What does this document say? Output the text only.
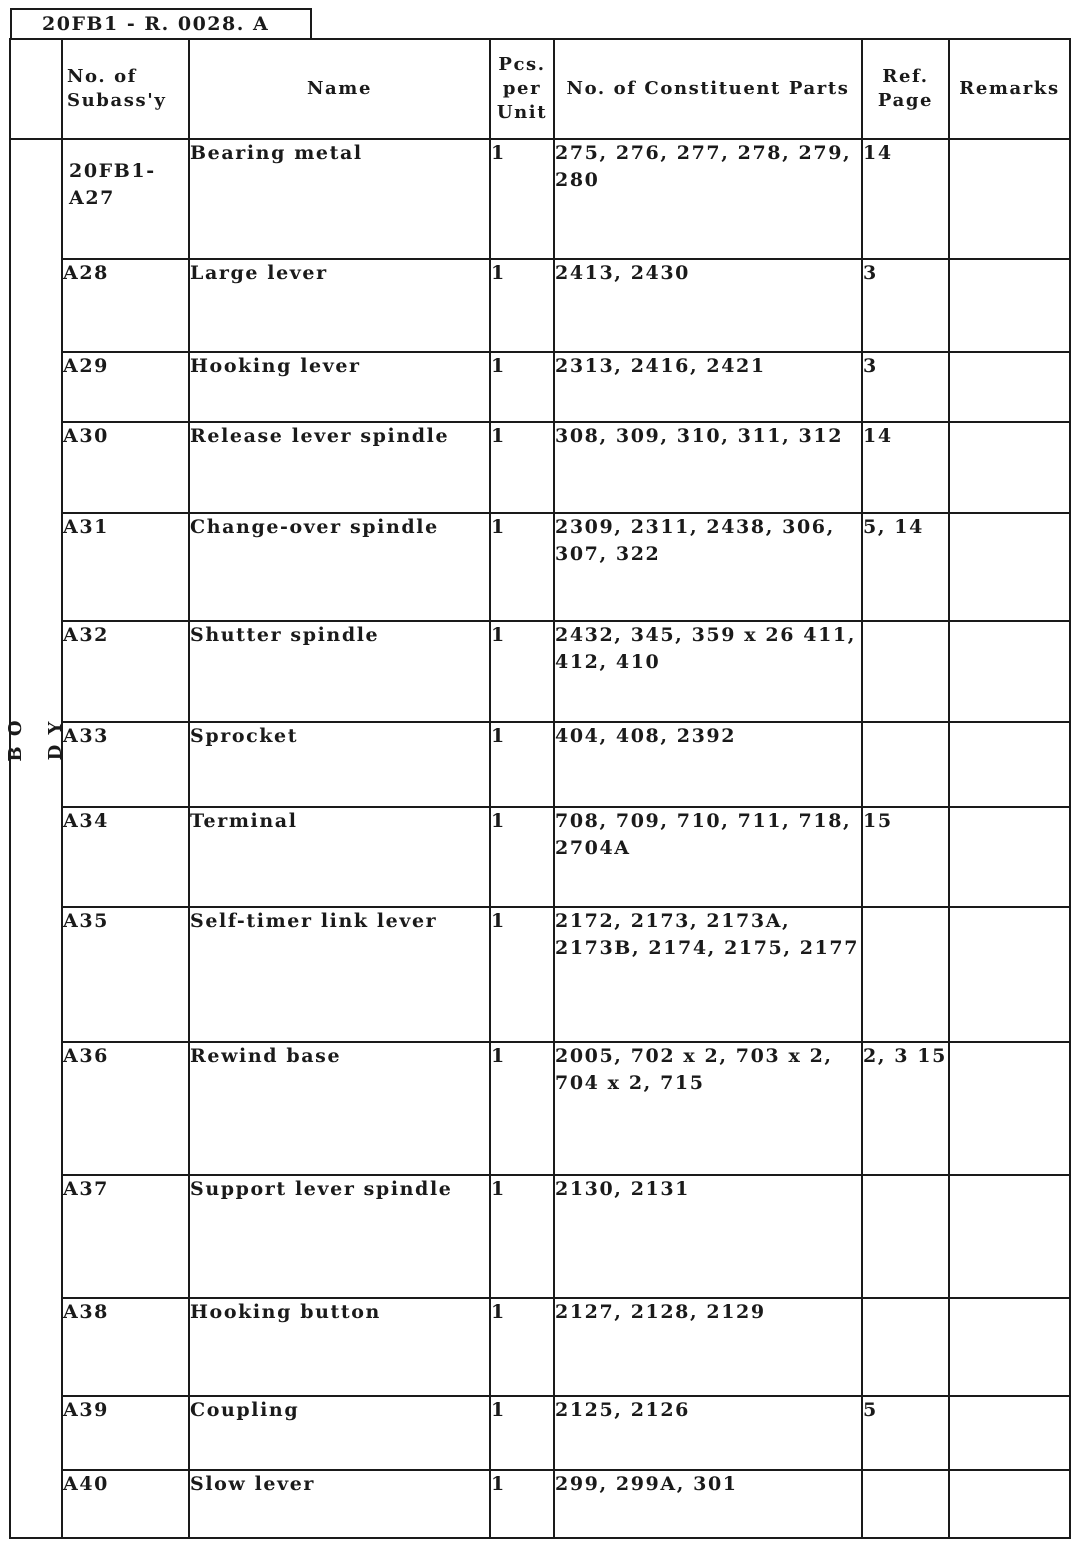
20FB1 - R. 0028. A
	No. of Subass'y	Name	Pcs. per Unit	No. of Constituent Parts	Ref. Page	Remarks

B O D Y	20FB1- A27	Bearing metal	1	275, 276, 277, 278, 279, 280	14	
	A28	Large lever	1	2413, 2430	3	
	A29	Hooking lever	1	2313, 2416, 2421	3	
	A30	Release lever spindle	1	308, 309, 310, 311, 312	14	
	A31	Change-over spindle	1	2309, 2311, 2438, 306, 307, 322	5, 14	
	A32	Shutter spindle	1	2432, 345, 359 x 26 411, 412, 410		
	A33	Sprocket	1	404, 408, 2392		
	A34	Terminal	1	708, 709, 710, 711, 718, 2704A	15	
	A35	Self-timer link lever	1	2172, 2173, 2173A, 2173B, 2174, 2175, 2177		
	A36	Rewind base	1	2005, 702 x 2, 703 x 2, 704 x 2, 715	2, 3 15	
	A37	Support lever spindle	1	2130, 2131		
	A38	Hooking button	1	2127, 2128, 2129		
	A39	Coupling	1	2125, 2126	5	
	A40	Slow lever	1	299, 299A, 301		
